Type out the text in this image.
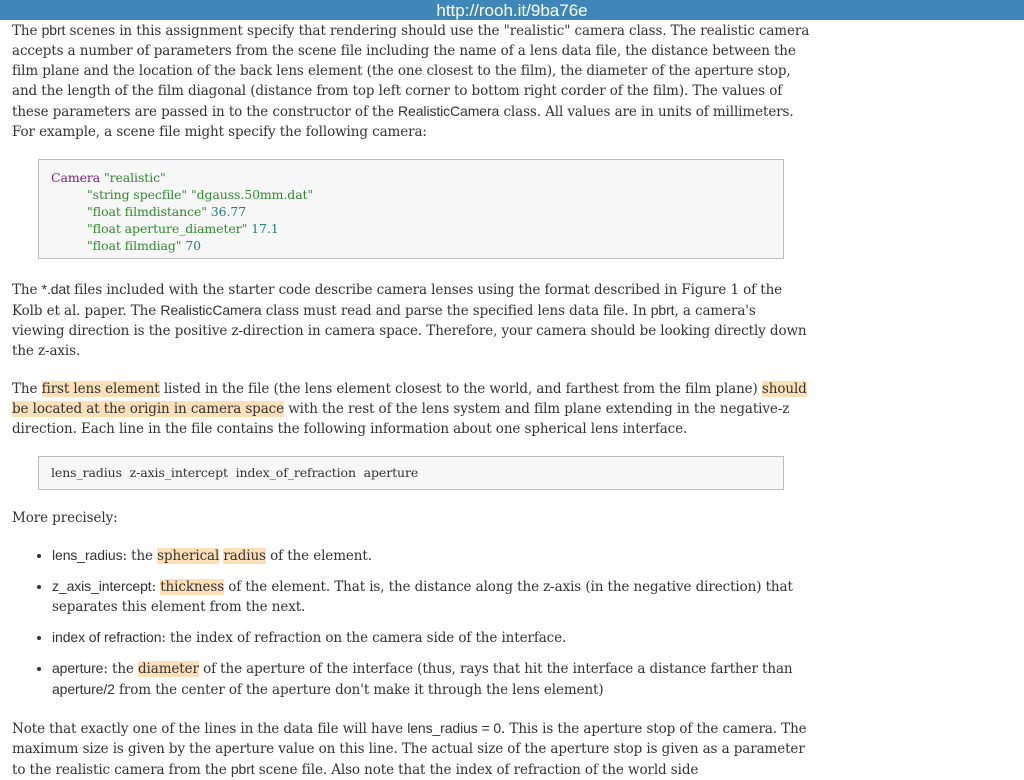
http://rooh.it/9ba76e

The pbrt scenes in this assignment specify that rendering should use the "realistic" camera class. The realistic camera accepts a number of parameters from the scene file including the name of a lens data file, the distance between the film plane and the location of the back lens element (the one closest to the film), the diameter of the aperture stop, and the length of the film diagonal (distance from top left corner to bottom right corder of the film). The values of these parameters are passed in to the constructor of the RealisticCamera class. All values are in units of millimeters. For example, a scene file might specify the following camera:

Camera "realistic"
"string specfile" "dgauss.50mm.dat"
"float filmdistance" 36.77
"float aperture_diameter" 17.1
"float filmdiag" 70

The *.dat files included with the starter code describe camera lenses using the format described in Figure 1 of the Kolb et al. paper. The RealisticCamera class must read and parse the specified lens data file. In pbrt, a camera's viewing direction is the positive z-direction in camera space. Therefore, your camera should be looking directly down the z-axis.

The first lens element listed in the file (the lens element closest to the world, and farthest from the film plane) should be located at the origin in camera space with the rest of the lens system and film plane extending in the negative-z direction. Each line in the file contains the following information about one spherical lens interface.

lens_radius  z-axis_intercept  index_of_refraction  aperture

More precisely:

• lens_radius: the spherical radius of the element.
• z_axis_intercept: thickness of the element. That is, the distance along the z-axis (in the negative direction) that separates this element from the next.
• index of refraction: the index of refraction on the camera side of the interface.
• aperture: the diameter of the aperture of the interface (thus, rays that hit the interface a distance farther than aperture/2 from the center of the aperture don't make it through the lens element)

Note that exactly one of the lines in the data file will have lens_radius = 0. This is the aperture stop of the camera. The maximum size is given by the aperture value on this line. The actual size of the aperture stop is given as a parameter to the realistic camera from the pbrt scene file. Also note that the index of refraction of the world side
